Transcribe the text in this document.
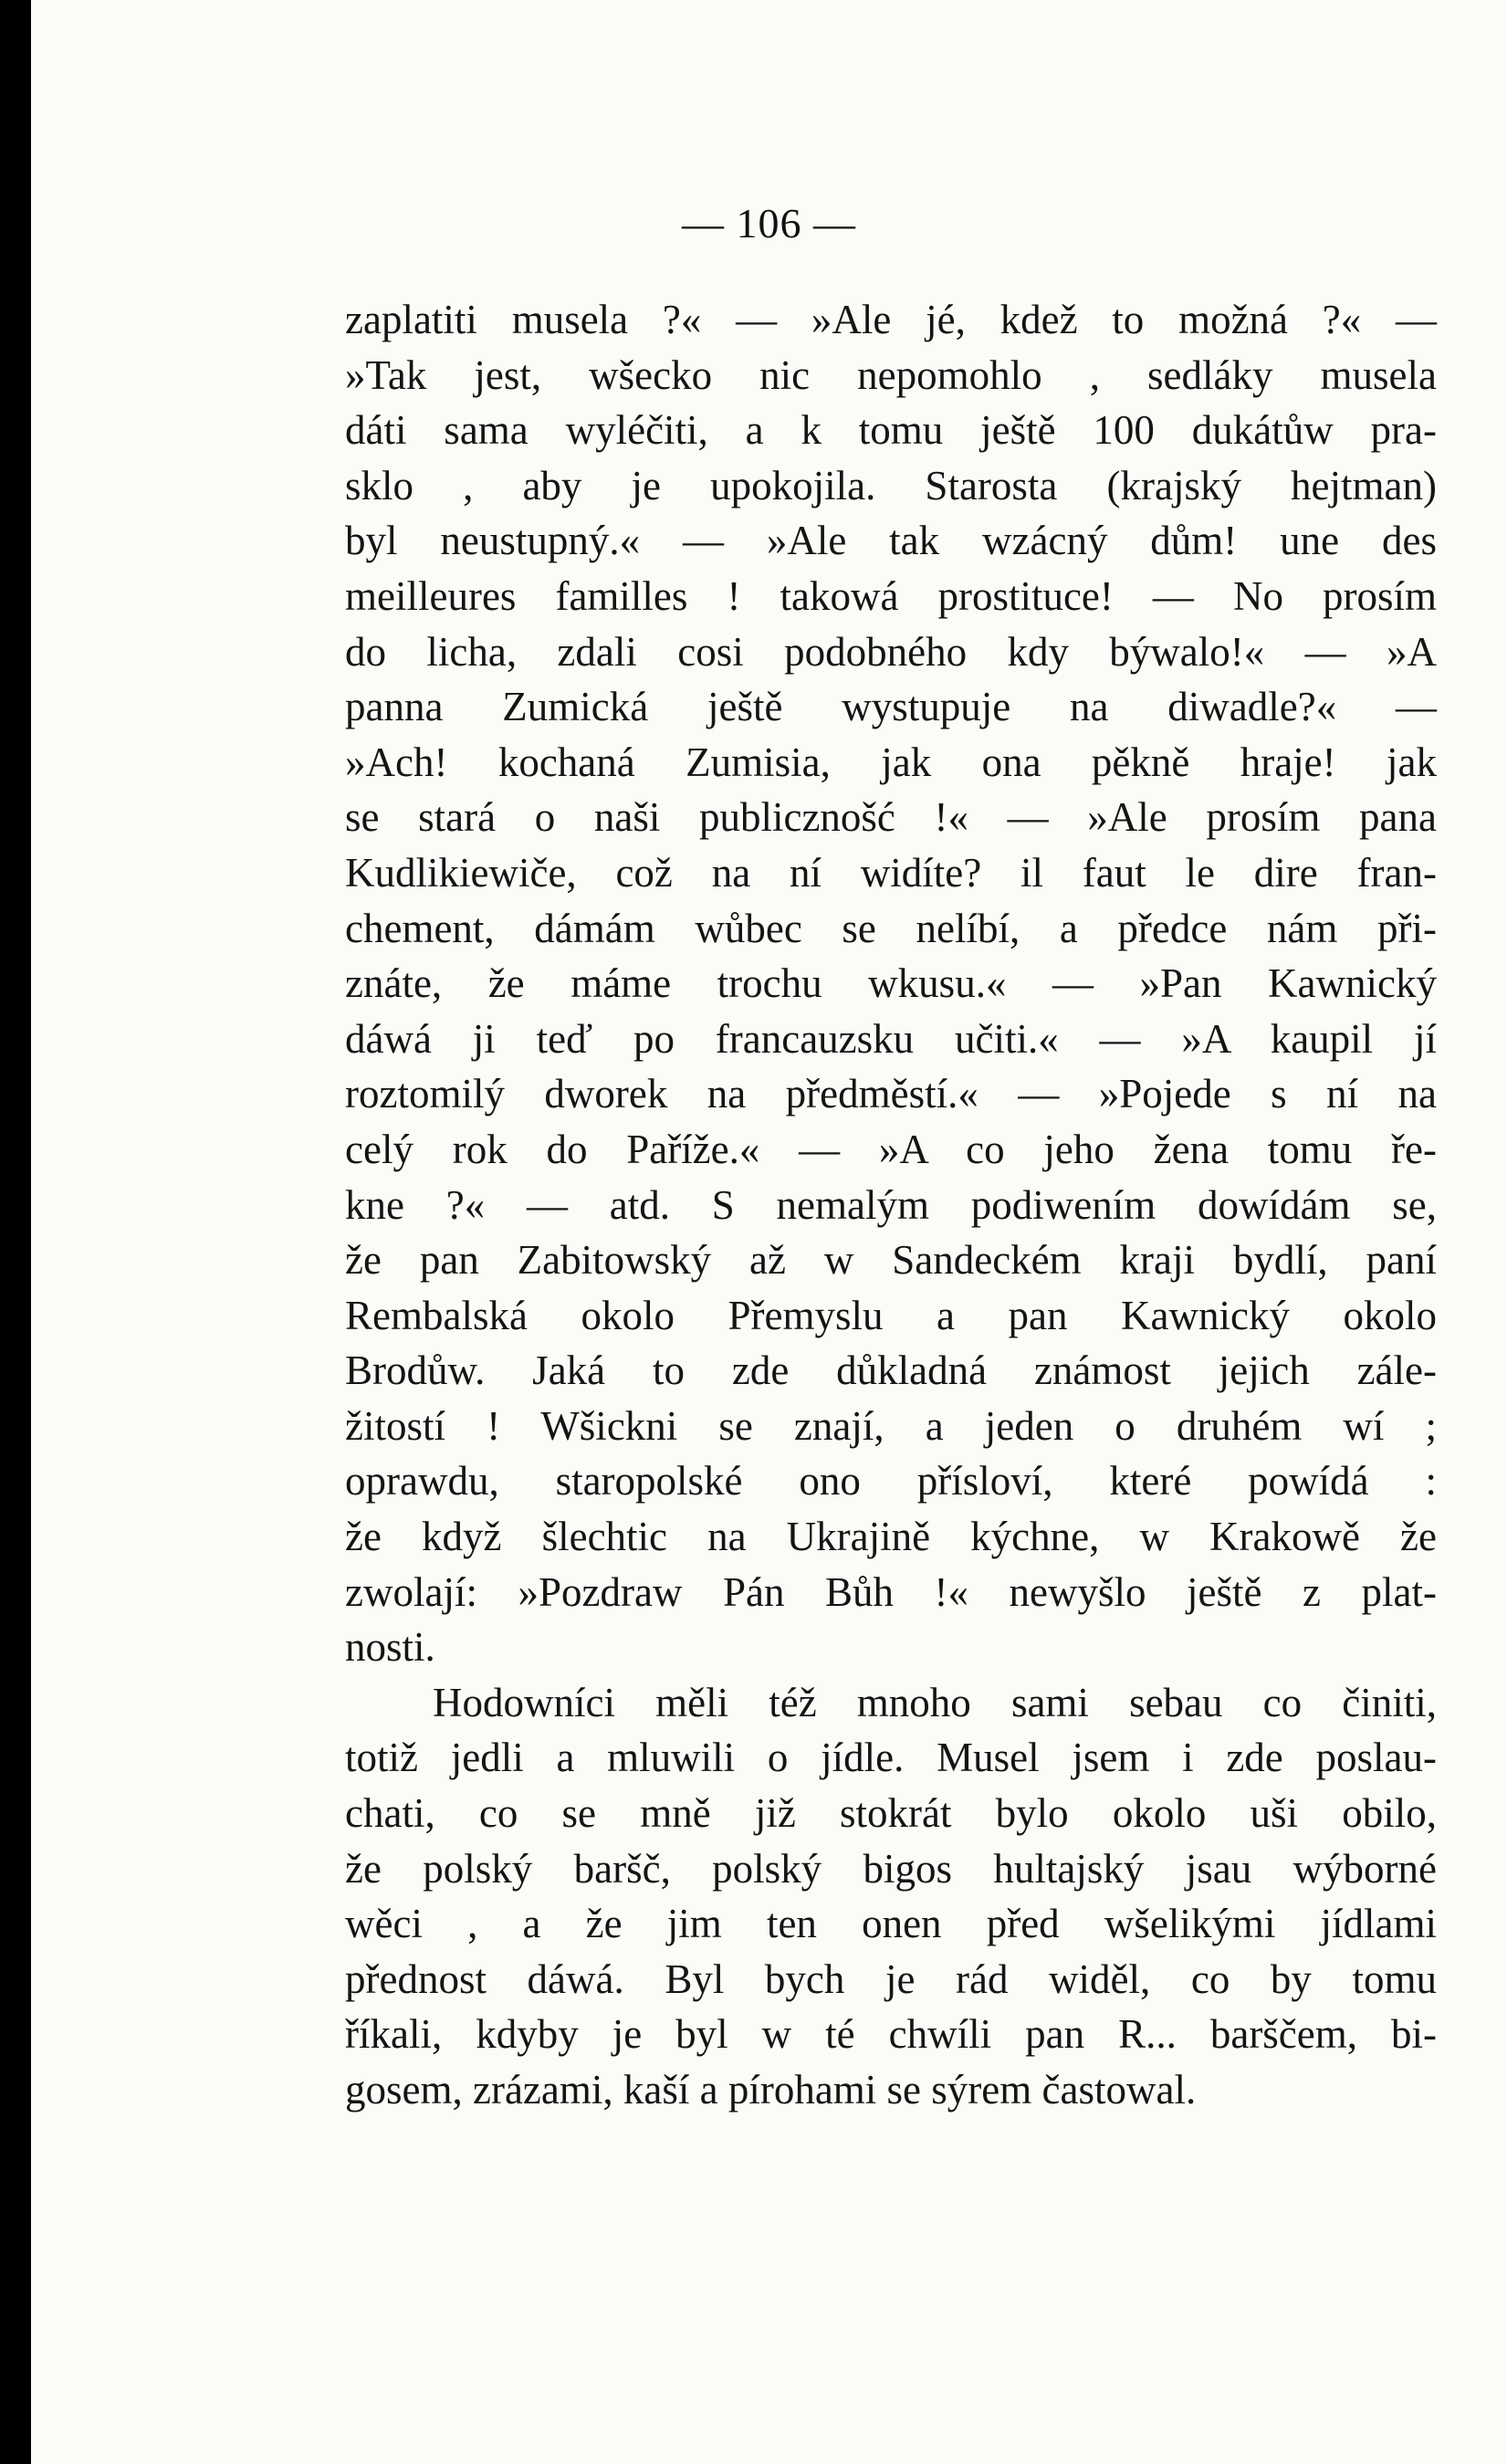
— 106 —
zaplatiti musela ?« — »Ale jé, kdež to možná ?« —
»Tak jest, wšecko nic nepomohlo , sedláky musela
dáti sama wyléčiti, a k tomu ještě 100 dukátůw pra-
sklo , aby je upokojila. Starosta (krajský hejtman)
byl neustupný.« — »Ale tak wzácný dům! une des
meilleures familles ! takowá prostituce! — No prosím
do licha, zdali cosi podobného kdy býwalo!« — »A
panna Zumická ještě wystupuje na diwadle?« —
»Ach! kochaná Zumisia, jak ona pěkně hraje! jak
se stará o naši publicznošć !« — »Ale prosím pana
Kudlikiewiče, což na ní widíte? il faut le dire fran-
chement, dámám wůbec se nelíbí, a předce nám při-
znáte, že máme trochu wkusu.« — »Pan Kawnický
dáwá ji teď po francauzsku učiti.« — »A kaupil jí
roztomilý dworek na předměstí.« — »Pojede s ní na
celý rok do Paříže.« — »A co jeho žena tomu ře-
kne ?« — atd. S nemalým podiwením dowídám se,
že pan Zabitowský až w Sandeckém kraji bydlí, paní
Rembalská okolo Přemyslu a pan Kawnický okolo
Brodůw. Jaká to zde důkladná známost jejich zále-
žitostí ! Wšickni se znají, a jeden o druhém wí ;
oprawdu, staropolské ono přísloví, které powídá :
že když šlechtic na Ukrajině kýchne, w Krakowě že
zwolají: »Pozdraw Pán Bůh !« newyšlo ještě z plat-
nosti.
Hodowníci měli též mnoho sami sebau co činiti,
totiž jedli a mluwili o jídle. Musel jsem i zde poslau-
chati, co se mně již stokrát bylo okolo uši obilo,
že polský baršč, polský bigos hultajský jsau wýborné
wěci , a že jim ten onen před wšelikými jídlami
přednost dáwá. Byl bych je rád widěl, co by tomu
říkali, kdyby je byl w té chwíli pan R... barščem, bi-
gosem, zrázami, kaší a pírohami se sýrem častowal.
